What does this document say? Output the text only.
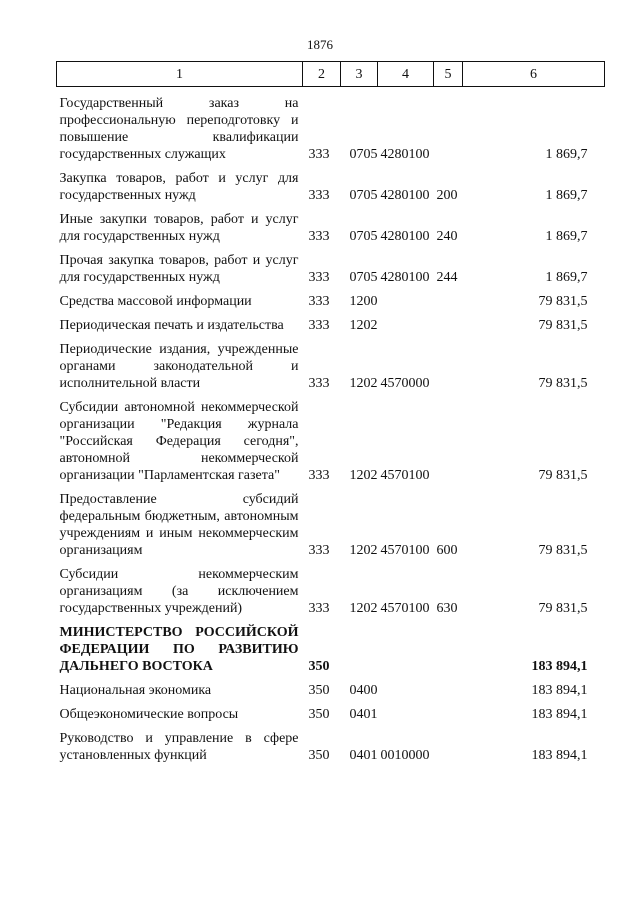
1876
1	2	3	4	5	6
Государственный заказ на профессиональную переподготовку и повышение квалификации государственных служащих	333	0705	4280100		1 869,7
Закупка товаров, работ и услуг для государственных нужд	333	0705	4280100	200	1 869,7
Иные закупки товаров, работ и услуг для государственных нужд	333	0705	4280100	240	1 869,7
Прочая закупка товаров, работ и услуг для государственных нужд	333	0705	4280100	244	1 869,7
Средства массовой информации	333	1200			79 831,5
Периодическая печать и издательства	333	1202			79 831,5
Периодические издания, учрежденные органами законодательной и исполнительной власти	333	1202	4570000		79 831,5
Субсидии автономной некоммерческой организации "Редакция журнала "Российская Федерация сегодня", автономной некоммерческой организации "Парламентская газета"	333	1202	4570100		79 831,5
Предоставление субсидий федеральным бюджетным, автономным учреждениям и иным некоммерческим организациям	333	1202	4570100	600	79 831,5
Субсидии некоммерческим организациям (за исключением государственных учреждений)	333	1202	4570100	630	79 831,5
МИНИСТЕРСТВО РОССИЙСКОЙ ФЕДЕРАЦИИ ПО РАЗВИТИЮ ДАЛЬНЕГО ВОСТОКА	350				183 894,1
Национальная экономика	350	0400			183 894,1
Общеэкономические вопросы	350	0401			183 894,1
Руководство и управление в сфере установленных функций	350	0401	0010000		183 894,1
